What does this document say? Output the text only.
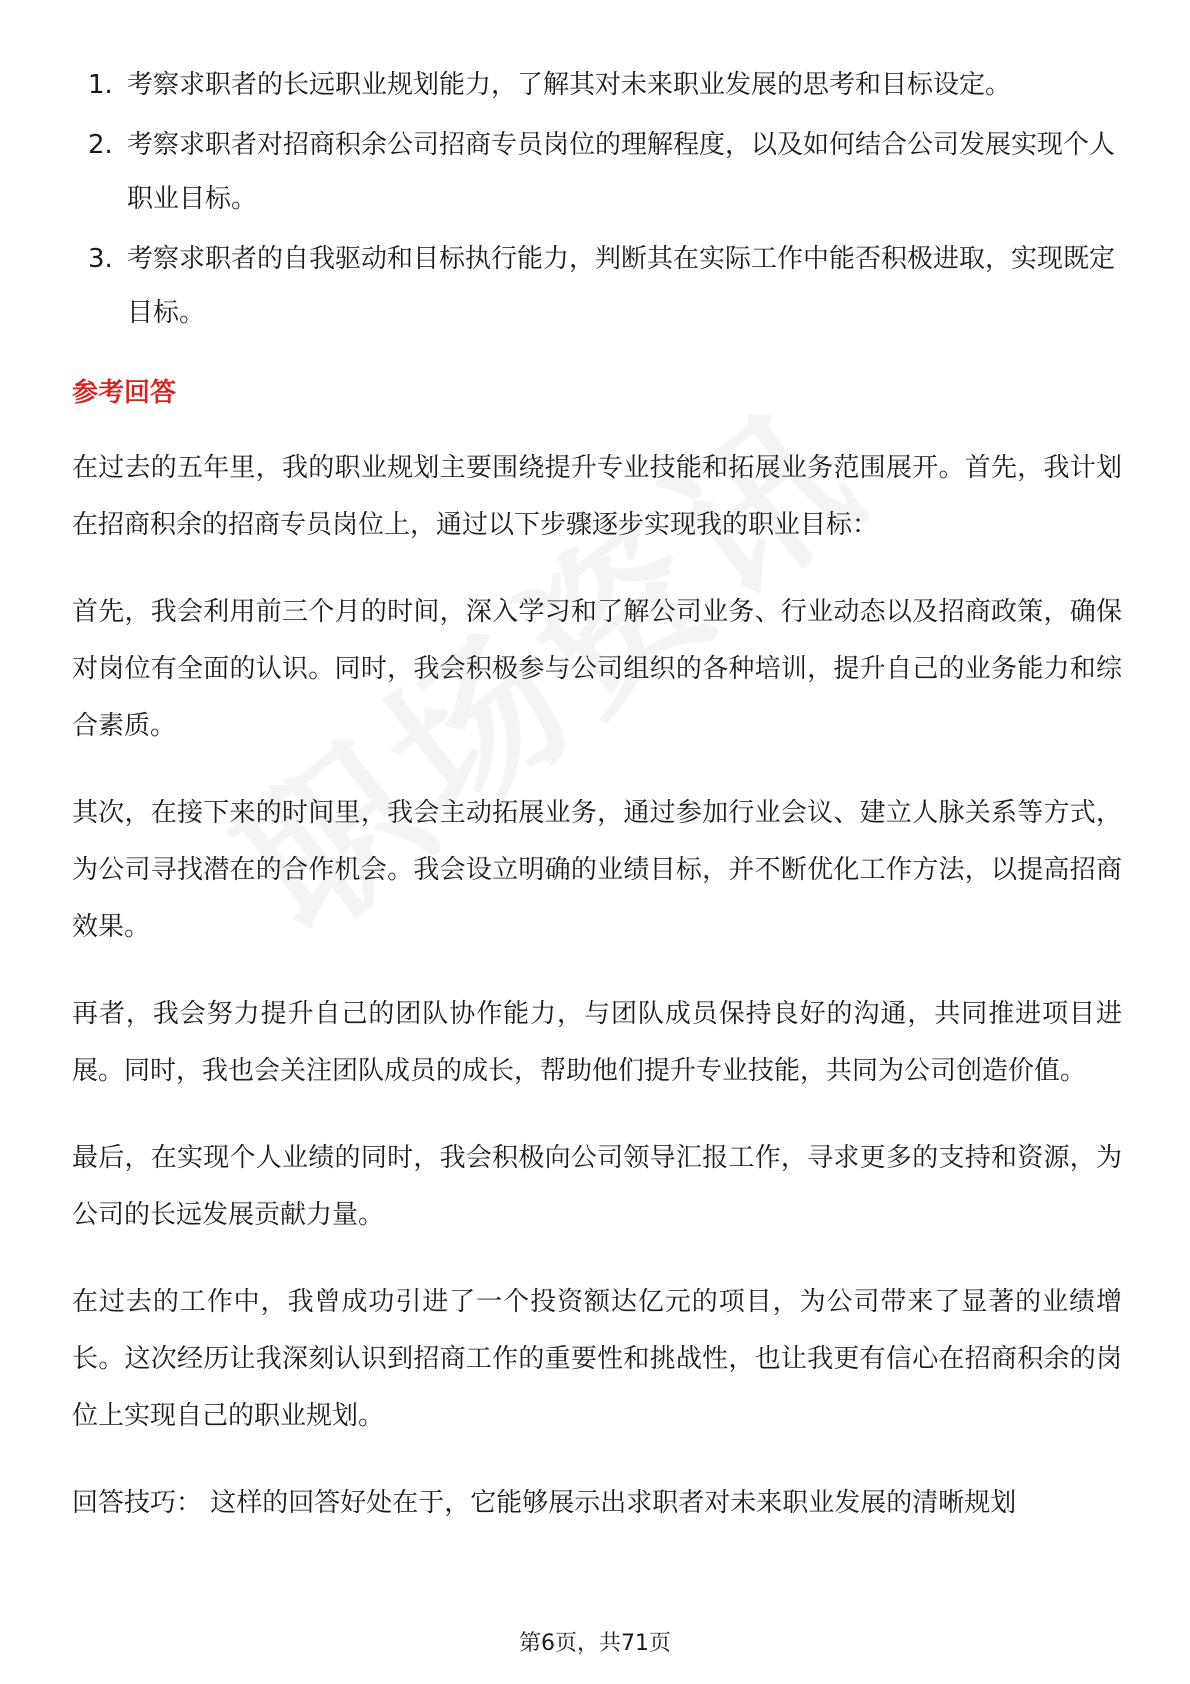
1. 考察求职者的长远职业规划能力，了解其对未来职业发展的思考和目标设定。
2. 考察求职者对招商积余公司招商专员岗位的理解程度，以及如何结合公司发展实现个人职业目标。
3. 考察求职者的自我驱动和目标执行能力，判断其在实际工作中能否积极进取，实现既定目标。
参考回答

在过去的五年里，我的职业规划主要围绕提升专业技能和拓展业务范围展开。首先，我计划在招商积余的招商专员岗位上，通过以下步骤逐步实现我的职业目标：

首先，我会利用前三个月的时间，深入学习和了解公司业务、行业动态以及招商政策，确保对岗位有全面的认识。同时，我会积极参与公司组织的各种培训，提升自己的业务能力和综合素质。

其次，在接下来的时间里，我会主动拓展业务，通过参加行业会议、建立人脉关系等方式，为公司寻找潜在的合作机会。我会设立明确的业绩目标，并不断优化工作方法，以提高招商效果。

再者，我会努力提升自己的团队协作能力，与团队成员保持良好的沟通，共同推进项目进展。同时，我也会关注团队成员的成长，帮助他们提升专业技能，共同为公司创造价值。

最后，在实现个人业绩的同时，我会积极向公司领导汇报工作，寻求更多的支持和资源，为公司的长远发展贡献力量。

在过去的工作中，我曾成功引进了一个投资额达亿元的项目，为公司带来了显著的业绩增长。这次经历让我深刻认识到招商工作的重要性和挑战性，也让我更有信心在招商积余的岗位上实现自己的职业规划。

回答技巧： 这样的回答好处在于，它能够展示出求职者对未来职业发展的清晰规划

第6页，共71页
